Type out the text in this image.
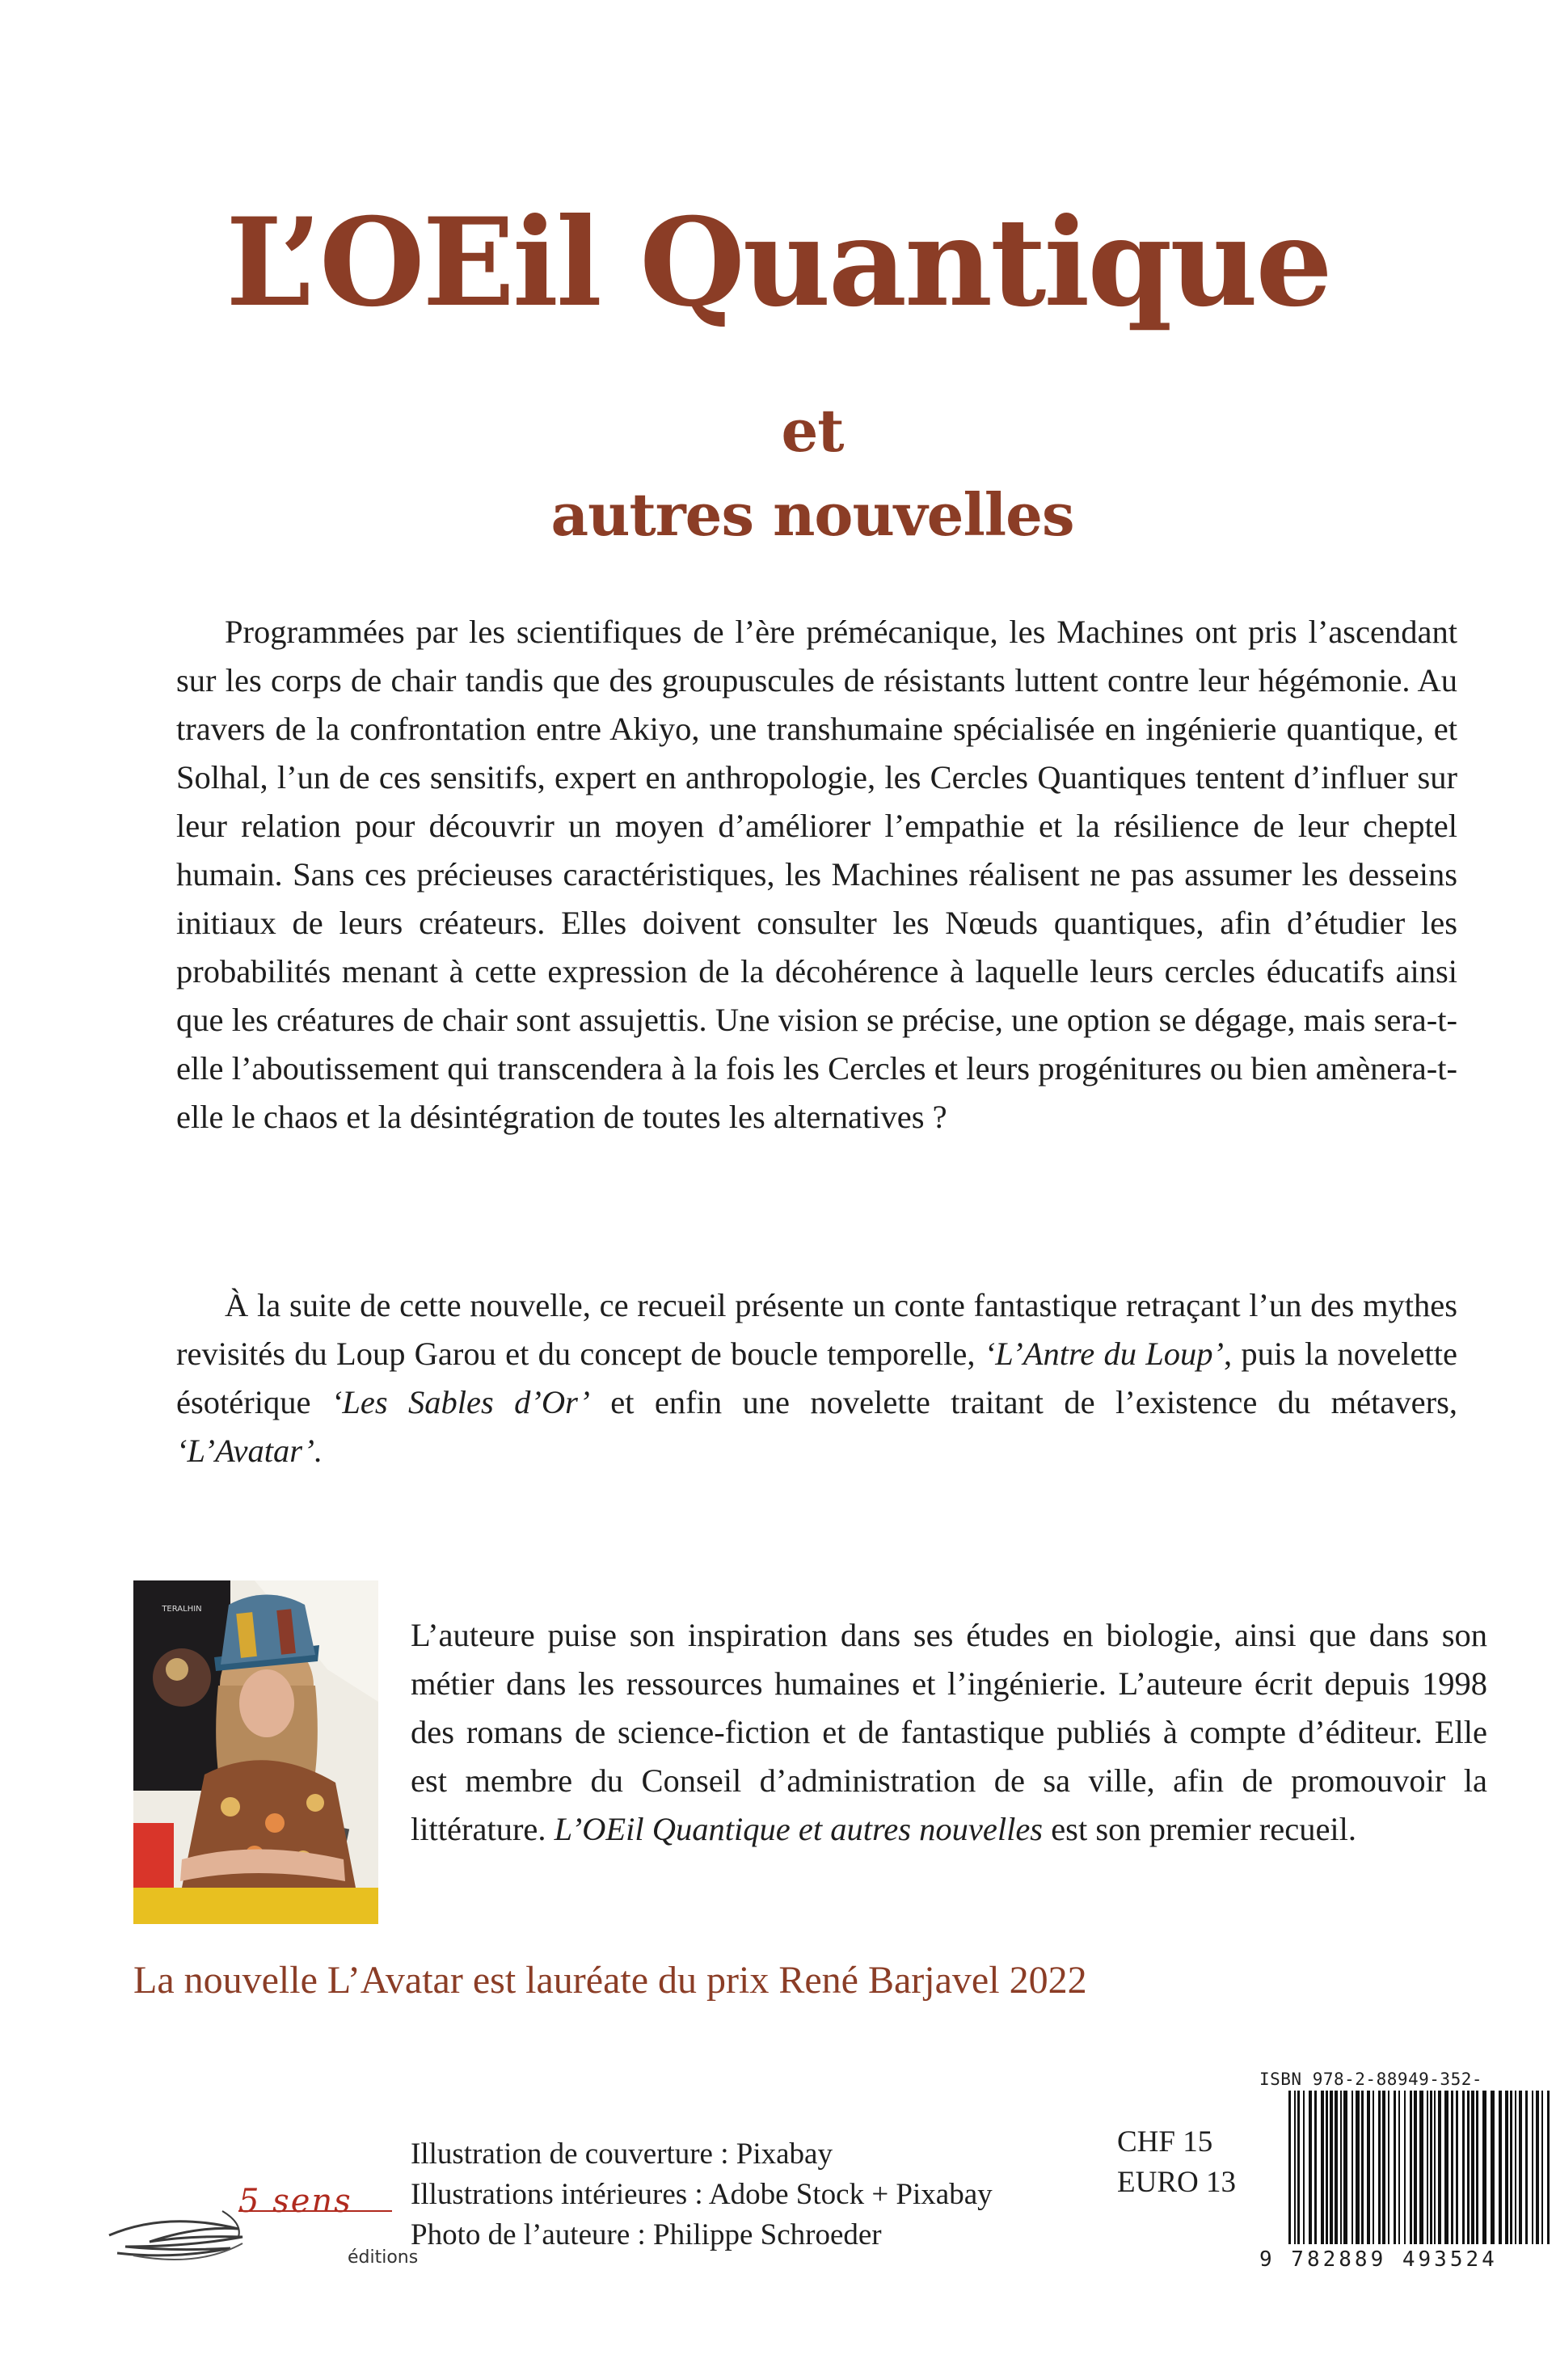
L’OEil Quantique
et
autres nouvelles

Programmées par les scientifiques de l’ère prémécanique, les Machines ont pris l’ascendant sur les corps de chair tandis que des groupuscules de résistants luttent contre leur hégémonie. Au travers de la confrontation entre Akiyo, une transhumaine spécialisée en ingénierie quantique, et Solhal, l’un de ces sensitifs, expert en anthropologie, les Cercles Quantiques tentent d’influer sur leur relation pour découvrir un moyen d’améliorer l’empathie et la résilience de leur cheptel humain. Sans ces précieuses caractéristiques, les Machines réalisent ne pas assumer les desseins initiaux de leurs créateurs. Elles doivent consulter les Nœuds quantiques, afin d’étudier les probabilités menant à cette expression de la décohérence à laquelle leurs cercles éducatifs ainsi que les créatures de chair sont assujettis. Une vision se précise, une option se dégage, mais sera-t-elle l’aboutissement qui transcendera à la fois les Cercles et leurs progénitures ou bien amènera-t- elle le chaos et la désintégration de toutes les alternatives ?

À la suite de cette nouvelle, ce recueil présente un conte fantastique retraçant l’un des mythes revisités du Loup Garou et du concept de boucle temporelle, ‘L’Antre du Loup’, puis la novelette ésotérique ‘Les Sables d’Or’ et enfin une novelette traitant de l’existence du métavers, ‘L’Avatar’.

TERALHIN

L’auteure puise son inspiration dans ses études en biologie, ainsi que dans son métier dans les ressources humaines et l’ingénierie. L’auteure écrit depuis 1998 des romans de science-fiction et de fantastique publiés à compte d’éditeur. Elle est membre du Conseil d’administration de sa ville, afin de promouvoir la littérature. L’OEil Quantique et autres nouvelles est son premier recueil.

La nouvelle L’Avatar est lauréate du prix René Barjavel 2022

Illustration de couverture : Pixabay
Illustrations intérieures : Adobe Stock + Pixabay
Photo de l’auteure : Philippe Schroeder
CHF 15
EURO 13
ISBN 978-2-88949-352-
9 782889 493524
5 sens
éditions
